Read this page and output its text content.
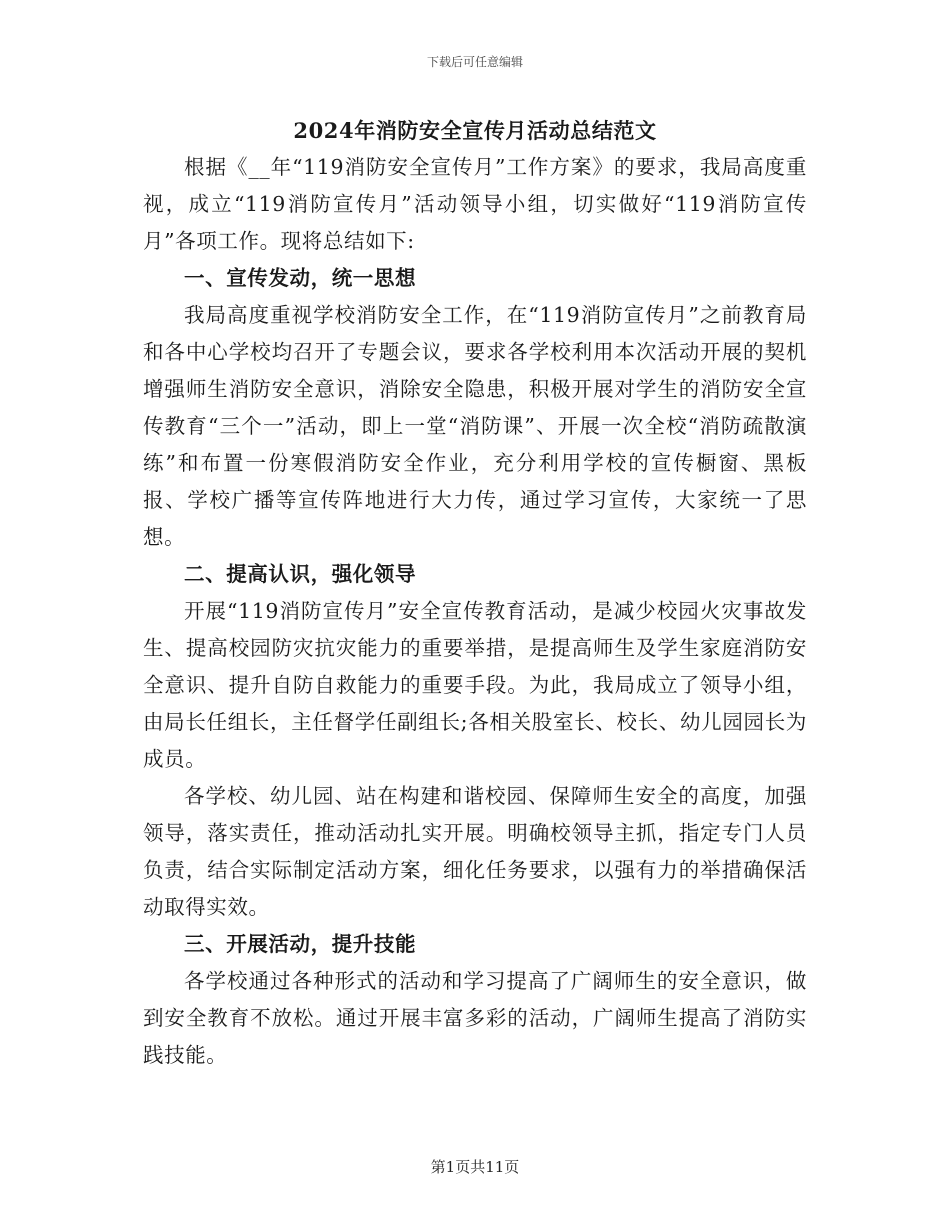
下载后可任意编辑
2024年消防安全宣传月活动总结范文

根据《__年“119消防安全宣传月”工作方案》的要求，我局高度重视，成立“119消防宣传月”活动领导小组，切实做好“119消防宣传月”各项工作。现将总结如下:

一、宣传发动，统一思想

我局高度重视学校消防安全工作，在“119消防宣传月”之前教育局和各中心学校均召开了专题会议，要求各学校利用本次活动开展的契机增强师生消防安全意识，消除安全隐患，积极开展对学生的消防安全宣传教育“三个一”活动，即上一堂“消防课”、开展一次全校“消防疏散演练”和布置一份寒假消防安全作业，充分利用学校的宣传橱窗、黑板报、学校广播等宣传阵地进行大力传，通过学习宣传，大家统一了思想。

二、提高认识，强化领导

开展“119消防宣传月”安全宣传教育活动，是减少校园火灾事故发生、提高校园防灾抗灾能力的重要举措，是提高师生及学生家庭消防安全意识、提升自防自救能力的重要手段。为此，我局成立了领导小组，由局长任组长，主任督学任副组长;各相关股室长、校长、幼儿园园长为成员。

各学校、幼儿园、站在构建和谐校园、保障师生安全的高度，加强领导，落实责任，推动活动扎实开展。明确校领导主抓，指定专门人员负责，结合实际制定活动方案，细化任务要求，以强有力的举措确保活动取得实效。

三、开展活动，提升技能

各学校通过各种形式的活动和学习提高了广阔师生的安全意识，做到安全教育不放松。通过开展丰富多彩的活动，广阔师生提高了消防实践技能。

第1页共11页
